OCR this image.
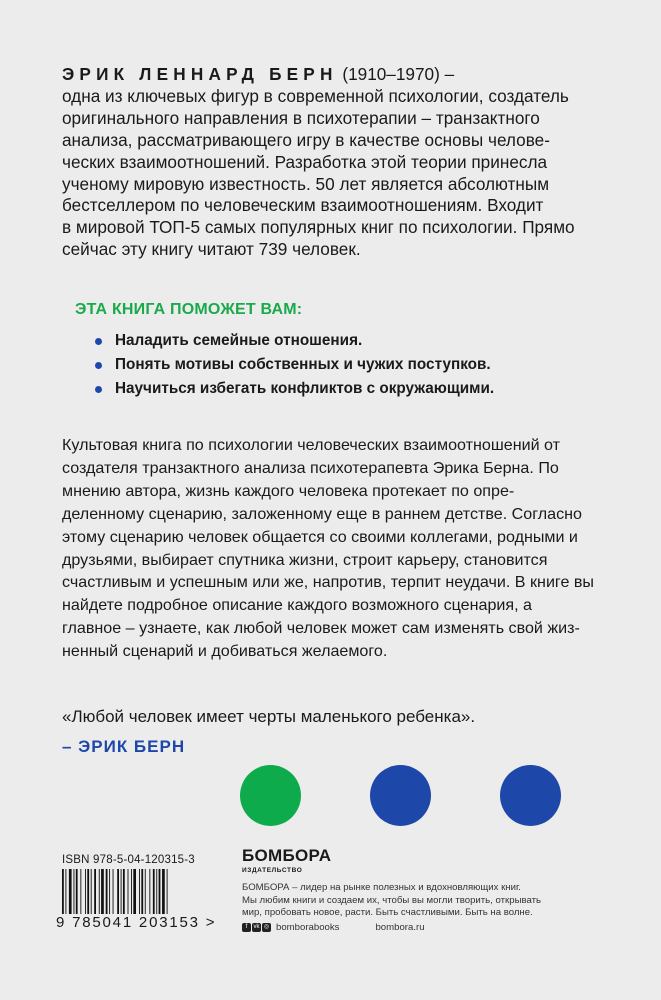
ЭРИК ЛЕННАРД БЕРН (1910–1970) –
одна из ключевых фигур в современной психологии, создатель
оригинального направления в психотерапии – транзактного
анализа, рассматривающего игру в качестве основы челове-
ческих взаимоотношений. Разработка этой теории принесла
ученому мировую известность. 50 лет является абсолютным
бестселлером по человеческим взаимоотношениям. Входит
в мировой ТОП-5 самых популярных книг по психологии. Прямо
сейчас эту книгу читают 739 человек.
ЭТА КНИГА ПОМОЖЕТ ВАМ:
Наладить семейные отношения.
Понять мотивы собственных и чужих поступков.
Научиться избегать конфликтов с окружающими.
Культовая книга по психологии человеческих взаимоотношений от
создателя транзактного анализа психотерапевта Эрика Берна. По
мнению автора, жизнь каждого человека протекает по опре-
деленному сценарию, заложенному еще в раннем детстве. Согласно
этому сценарию человек общается со своими коллегами, родными и
друзьями, выбирает спутника жизни, строит карьеру, становится
счастливым и успешным или же, напротив, терпит неудачи. В книге вы
найдете подробное описание каждого возможного сценария, а
главное – узнаете, как любой человек может сам изменять свой жиз-
ненный сценарий и добиваться желаемого.
«Любой человек имеет черты маленького ребенка».
– ЭРИК БЕРН
ISBN 978-5-04-120315-3
9 785041 203153 >
БОМБОРА
ИЗДАТЕЛЬСТВО
БОМБОРА – лидер на рынке полезных и вдохновляющих книг.
Мы любим книги и создаем их, чтобы вы могли творить, открывать
мир, пробовать новое, расти. Быть счастливыми. Быть на волне.
f	vk ◎ bomborabooks	bombora.ru
